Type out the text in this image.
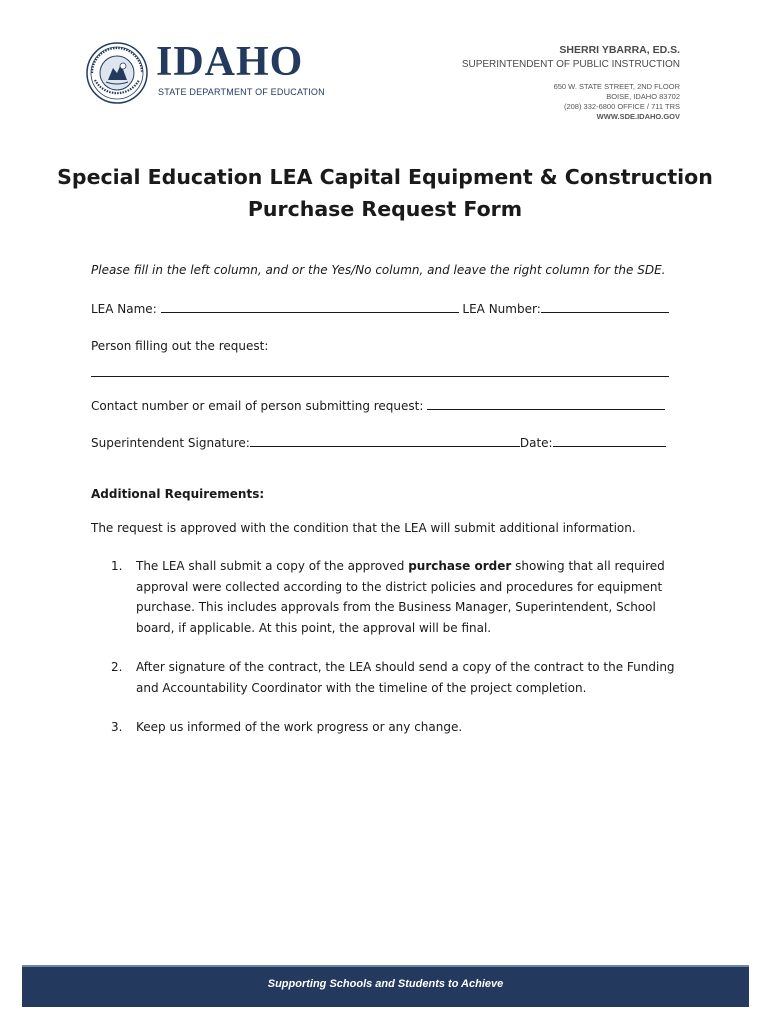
IDAHO
STATE DEPARTMENT OF EDUCATION
SHERRI YBARRA, ED.S.
SUPERINTENDENT OF PUBLIC INSTRUCTION
650 W. STATE STREET, 2ND FLOOR
BOISE, IDAHO 83702
(208) 332-6800 OFFICE / 711 TRS
WWW.SDE.IDAHO.GOV
Special Education LEA Capital Equipment & Construction
Purchase Request Form
Please fill in the left column, and or the Yes/No column, and leave the right column for the SDE.
LEA Name:	LEA Number:
Person filling out the request:
Contact number or email of person submitting request:
Superintendent Signature:	Date:
Additional Requirements:
The request is approved with the condition that the LEA will submit additional information.
1. The LEA shall submit a copy of the approved purchase order showing that all required approval were collected according to the district policies and procedures for equipment purchase. This includes approvals from the Business Manager, Superintendent, School board, if applicable. At this point, the approval will be final.
2. After signature of the contract, the LEA should send a copy of the contract to the Funding and Accountability Coordinator with the timeline of the project completion.
3. Keep us informed of the work progress or any change.
Supporting Schools and Students to Achieve
